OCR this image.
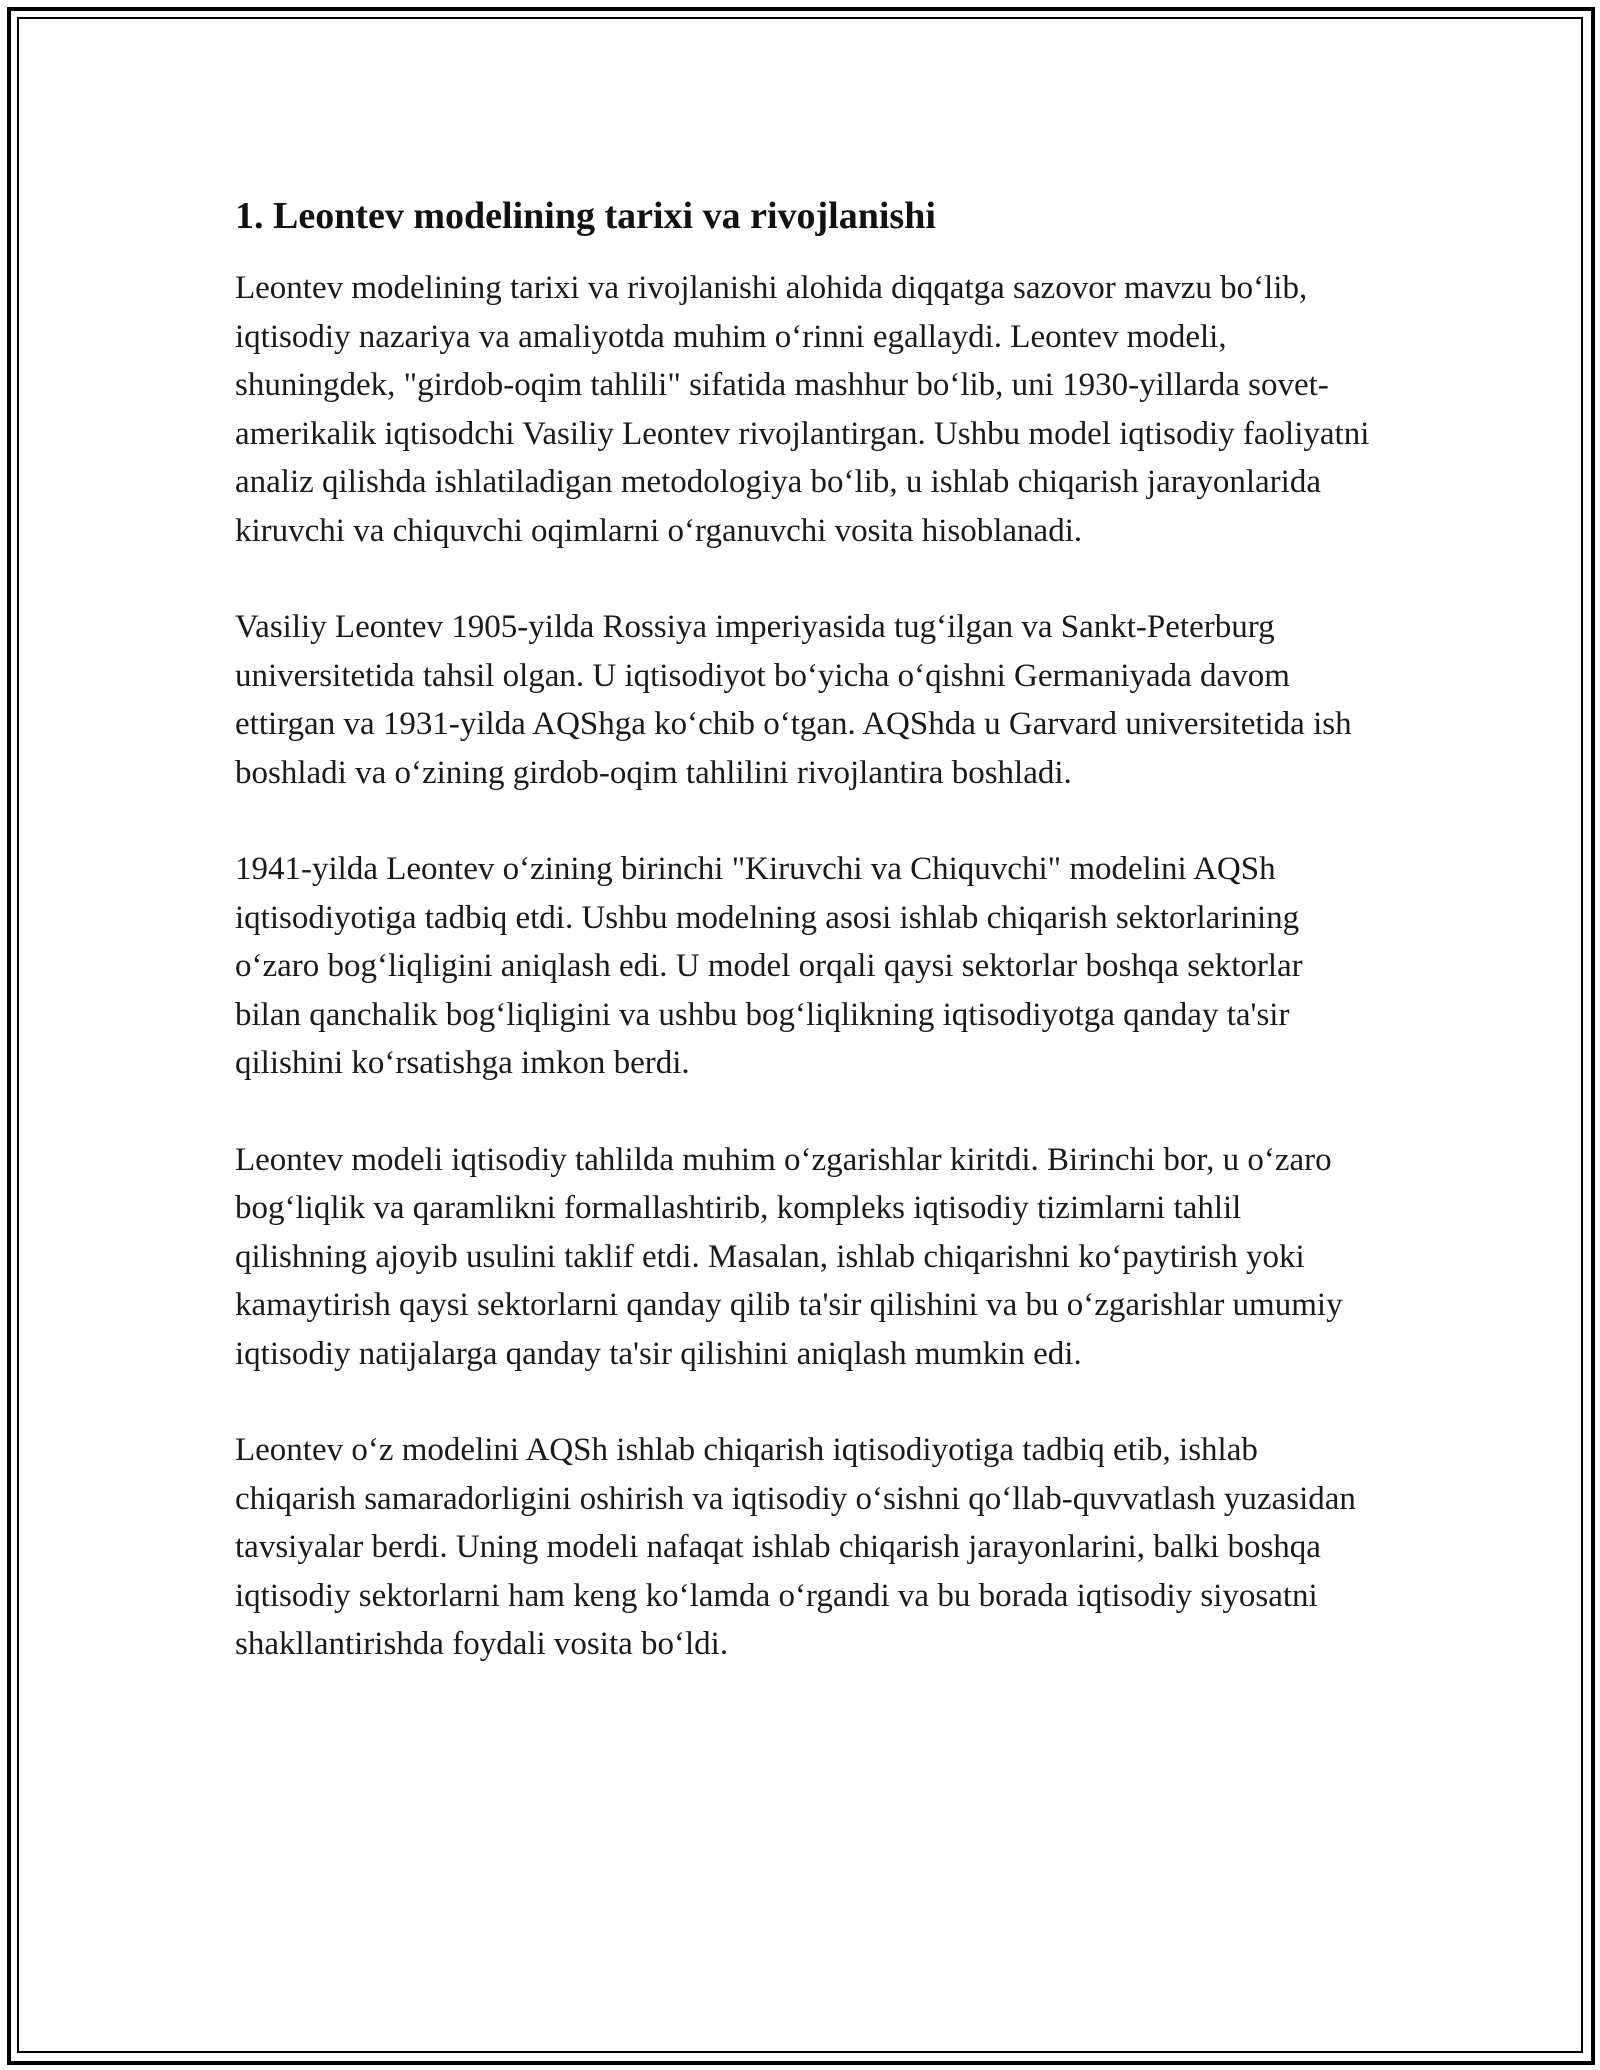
1. Leontev modelining tarixi va rivojlanishi

Leontev modelining tarixi va rivojlanishi alohida diqqatga sazovor mavzu bo‘lib, iqtisodiy nazariya va amaliyotda muhim o‘rinni egallaydi. Leontev modeli, shuningdek, "girdob-oqim tahlili" sifatida mashhur bo‘lib, uni 1930-yillarda sovet-amerikalik iqtisodchi Vasiliy Leontev rivojlantirgan. Ushbu model iqtisodiy faoliyatni analiz qilishda ishlatiladigan metodologiya bo‘lib, u ishlab chiqarish jarayonlarida kiruvchi va chiquvchi oqimlarni o‘rganuvchi vosita hisoblanadi.

Vasiliy Leontev 1905-yilda Rossiya imperiyasida tug‘ilgan va Sankt-Peterburg universitetida tahsil olgan. U iqtisodiyot bo‘yicha o‘qishni Germaniyada davom ettirgan va 1931-yilda AQShga ko‘chib o‘tgan. AQShda u Garvard universitetida ish boshladi va o‘zining girdob-oqim tahlilini rivojlantira boshladi.

1941-yilda Leontev o‘zining birinchi "Kiruvchi va Chiquvchi" modelini AQSh iqtisodiyotiga tadbiq etdi. Ushbu modelning asosi ishlab chiqarish sektorlarining o‘zaro bog‘liqligini aniqlash edi. U model orqali qaysi sektorlar boshqa sektorlar bilan qanchalik bog‘liqligini va ushbu bog‘liqlikning iqtisodiyotga qanday ta'sir qilishini ko‘rsatishga imkon berdi.

Leontev modeli iqtisodiy tahlilda muhim o‘zgarishlar kiritdi. Birinchi bor, u o‘zaro bog‘liqlik va qaramlikni formallashtirib, kompleks iqtisodiy tizimlarni tahlil qilishning ajoyib usulini taklif etdi. Masalan, ishlab chiqarishni ko‘paytirish yoki kamaytirish qaysi sektorlarni qanday qilib ta'sir qilishini va bu o‘zgarishlar umumiy iqtisodiy natijalarga qanday ta'sir qilishini aniqlash mumkin edi.

Leontev o‘z modelini AQSh ishlab chiqarish iqtisodiyotiga tadbiq etib, ishlab chiqarish samaradorligini oshirish va iqtisodiy o‘sishni qo‘llab-quvvatlash yuzasidan tavsiyalar berdi. Uning modeli nafaqat ishlab chiqarish jarayonlarini, balki boshqa iqtisodiy sektorlarni ham keng ko‘lamda o‘rgandi va bu borada iqtisodiy siyosatni shakllantirishda foydali vosita bo‘ldi.
